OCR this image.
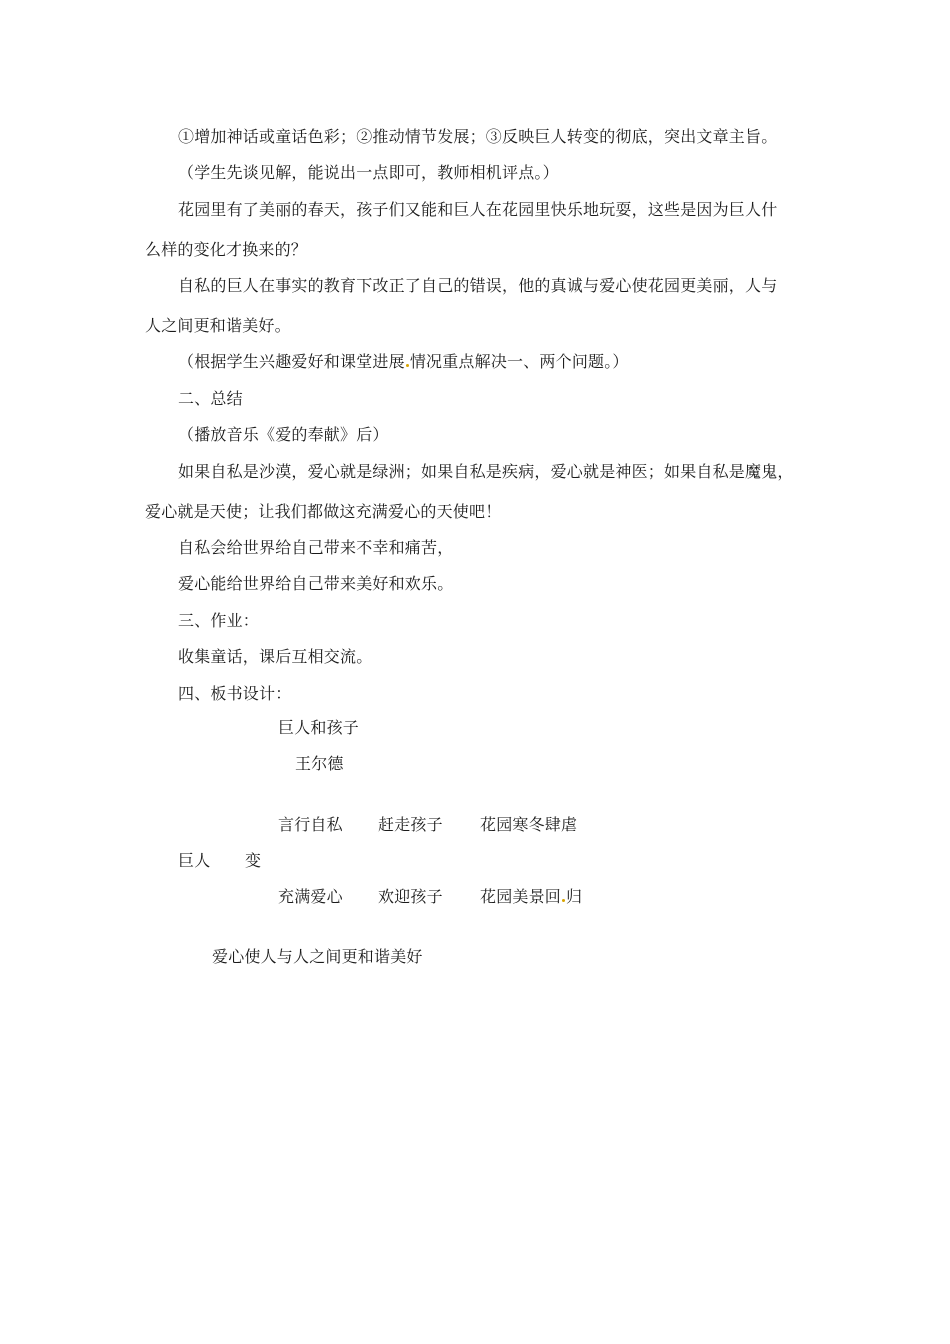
①增加神话或童话色彩；②推动情节发展；③反映巨人转变的彻底，突出文章主旨。
（学生先谈见解，能说出一点即可，教师相机评点。）
花园里有了美丽的春天，孩子们又能和巨人在花园里快乐地玩耍，这些是因为巨人什
么样的变化才换来的？
自私的巨人在事实的教育下改正了自己的错误，他的真诚与爱心使花园更美丽，人与
人之间更和谐美好。
（根据学生兴趣爱好和课堂进展 情况重点解决一、两个问题。）
二、总结
（播放音乐《爱的奉献》后）
如果自私是沙漠，爱心就是绿洲；如果自私是疾病，爱心就是神医；如果自私是魔鬼，
爱心就是天使；让我们都做这充满爱心的天使吧！
自私会给世界给自己带来不幸和痛苦，
爱心能给世界给自己带来美好和欢乐。
三、作业：
收集童话，课后互相交流。
四、板书设计：
巨人和孩子
王尔德
言行自私 赶走孩子 花园寒冬肆虐
巨人 变
充满爱心 欢迎孩子 花园美景回 归
爱心使人与人之间更和谐美好
